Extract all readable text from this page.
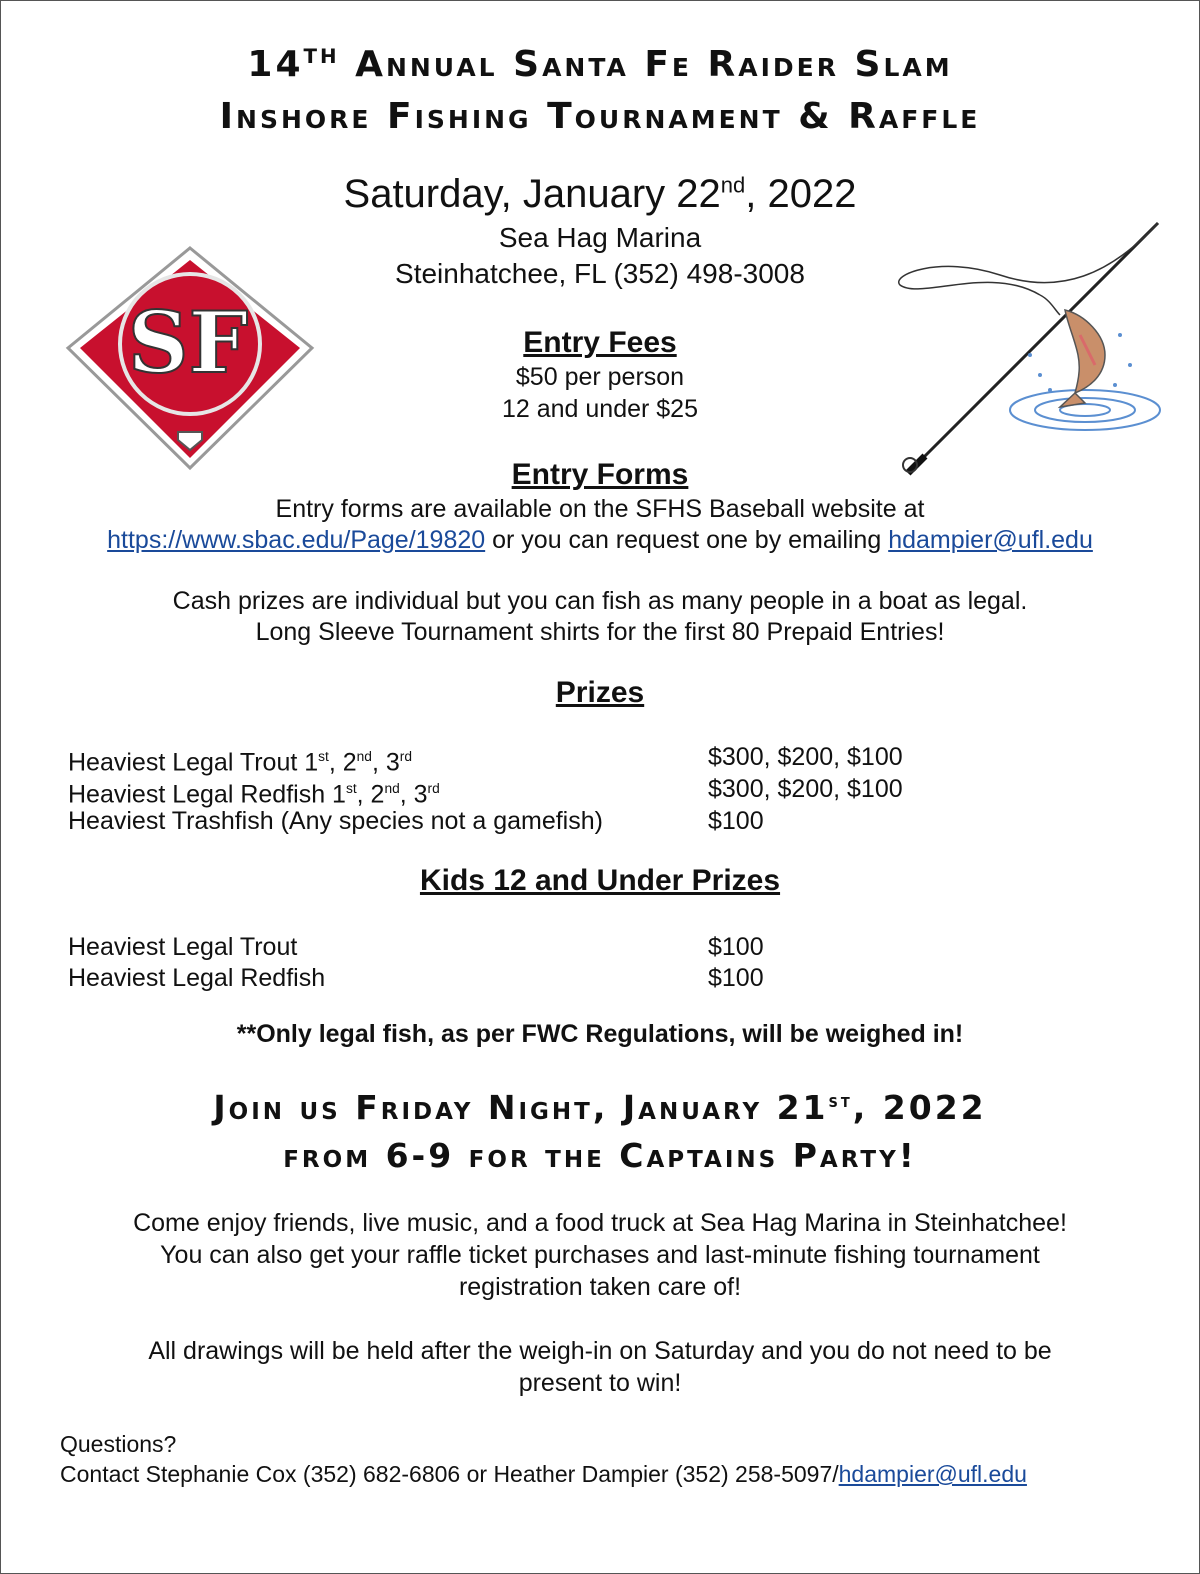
14TH Annual Santa Fe Raider Slam
Inshore Fishing Tournament & Raffle
Saturday, January 22nd, 2022
Sea Hag Marina
Steinhatchee, FL (352) 498-3008
SF	Entry Fees
$50 per person
12 and under $25
Entry Forms
Entry forms are available on the SFHS Baseball website at
https://www.sbac.edu/Page/19820 or you can request one by emailing hdampier@ufl.edu
Cash prizes are individual but you can fish as many people in a boat as legal.
Long Sleeve Tournament shirts for the first 80 Prepaid Entries!
Prizes
Heaviest Legal Trout 1st, 2nd, 3rd	$300, $200, $100
Heaviest Legal Redfish 1st, 2nd, 3rd	$300, $200, $100
Heaviest Trashfish (Any species not a gamefish)	$100
Kids 12 and Under Prizes
Heaviest Legal Trout	$100
Heaviest Legal Redfish	$100
**Only legal fish, as per FWC Regulations, will be weighed in!
Join us Friday Night, January 21st, 2022
from 6-9 for the Captains Party!
Come enjoy friends, live music, and a food truck at Sea Hag Marina in Steinhatchee!
You can also get your raffle ticket purchases and last-minute fishing tournament
registration taken care of!
All drawings will be held after the weigh-in on Saturday and you do not need to be
present to win!
Questions?
Contact Stephanie Cox (352) 682-6806 or Heather Dampier (352) 258-5097/hdampier@ufl.edu
